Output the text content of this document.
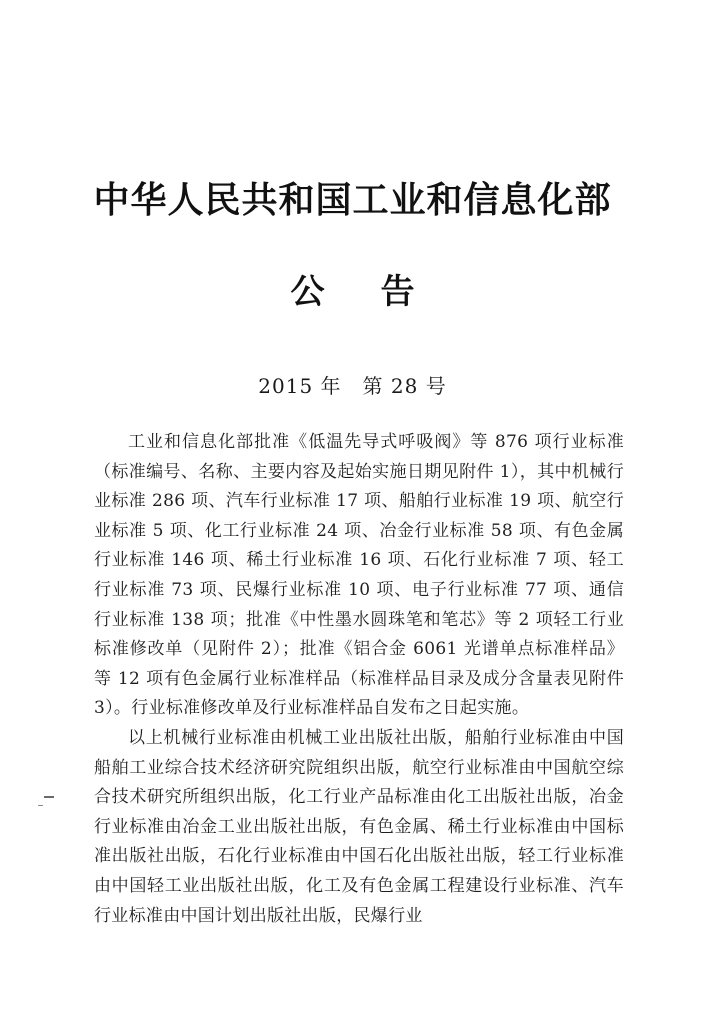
中华人民共和国工业和信息化部
公告
2015 年　第 28 号

工业和信息化部批准《低温先导式呼吸阀》等 876 项行业标准（标准编号、名称、主要内容及起始实施日期见附件 1），其中机械行业标准 286 项、汽车行业标准 17 项、船舶行业标准 19 项、航空行业标准 5 项、化工行业标准 24 项、冶金行业标准 58 项、有色金属行业标准 146 项、稀土行业标准 16 项、石化行业标准 7 项、轻工行业标准 73 项、民爆行业标准 10 项、电子行业标准 77 项、通信行业标准 138 项；批准《中性墨水圆珠笔和笔芯》等 2 项轻工行业标准修改单（见附件 2）；批准《铝合金 6061 光谱单点标准样品》等 12 项有色金属行业标准样品（标准样品目录及成分含量表见附件 3）。行业标准修改单及行业标准样品自发布之日起实施。

以上机械行业标准由机械工业出版社出版，船舶行业标准由中国船舶工业综合技术经济研究院组织出版，航空行业标准由中国航空综合技术研究所组织出版，化工行业产品标准由化工出版社出版，冶金行业标准由冶金工业出版社出版，有色金属、稀土行业标准由中国标准出版社出版，石化行业标准由中国石化出版社出版，轻工行业标准由中国轻工业出版社出版，化工及有色金属工程建设行业标准、汽车行业标准由中国计划出版社出版，民爆行业
